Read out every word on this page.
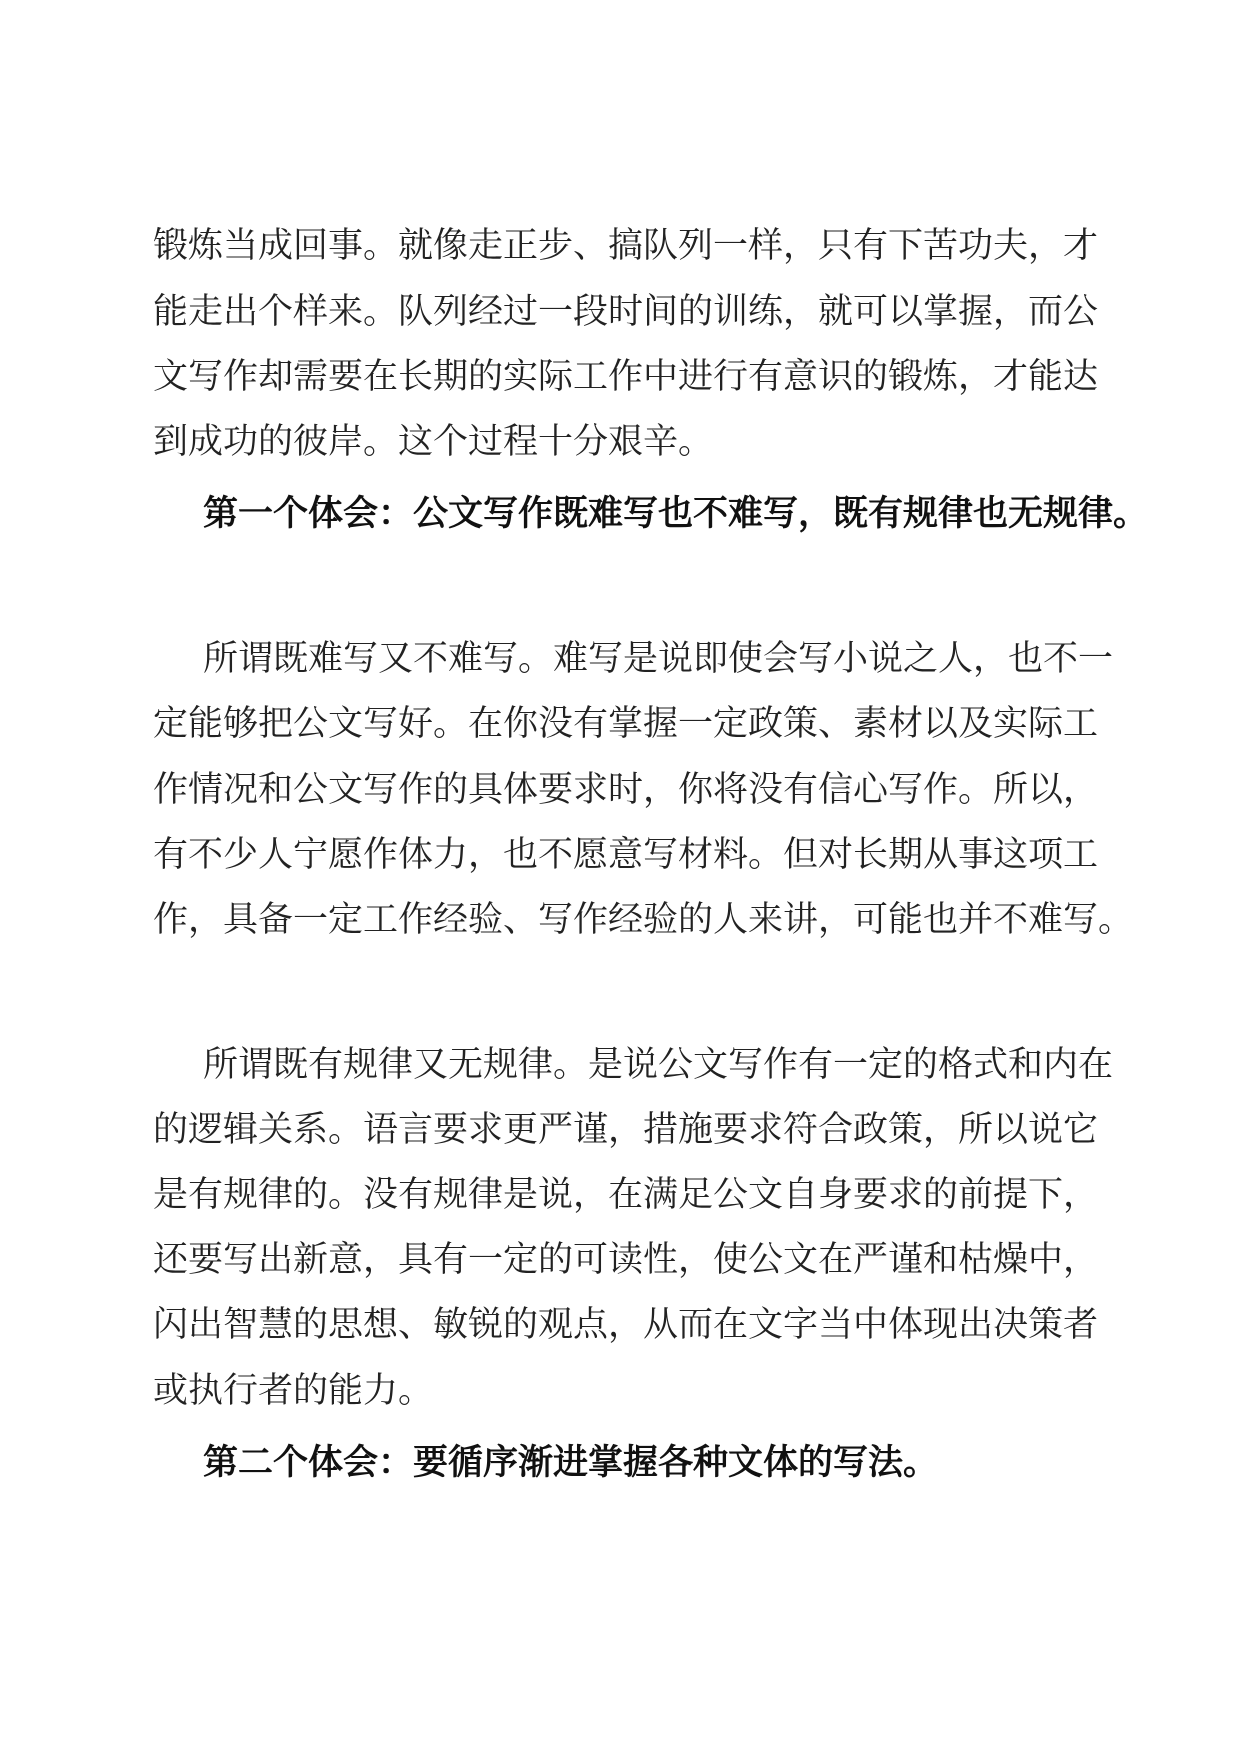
锻炼当成回事。就像走正步、搞队列一样，只有下苦功夫，才
能走出个样来。队列经过一段时间的训练，就可以掌握，而公
文写作却需要在长期的实际工作中进行有意识的锻炼，才能达
到成功的彼岸。这个过程十分艰辛。
第一个体会：公文写作既难写也不难写，既有规律也无规律。
所谓既难写又不难写。难写是说即使会写小说之人，也不一
定能够把公文写好。在你没有掌握一定政策、素材以及实际工
作情况和公文写作的具体要求时，你将没有信心写作。所以，
有不少人宁愿作体力，也不愿意写材料。但对长期从事这项工
作，具备一定工作经验、写作经验的人来讲，可能也并不难写。
所谓既有规律又无规律。是说公文写作有一定的格式和内在
的逻辑关系。语言要求更严谨，措施要求符合政策，所以说它
是有规律的。没有规律是说，在满足公文自身要求的前提下，
还要写出新意，具有一定的可读性，使公文在严谨和枯燥中，
闪出智慧的思想、敏锐的观点，从而在文字当中体现出决策者
或执行者的能力。
第二个体会：要循序渐进掌握各种文体的写法。
